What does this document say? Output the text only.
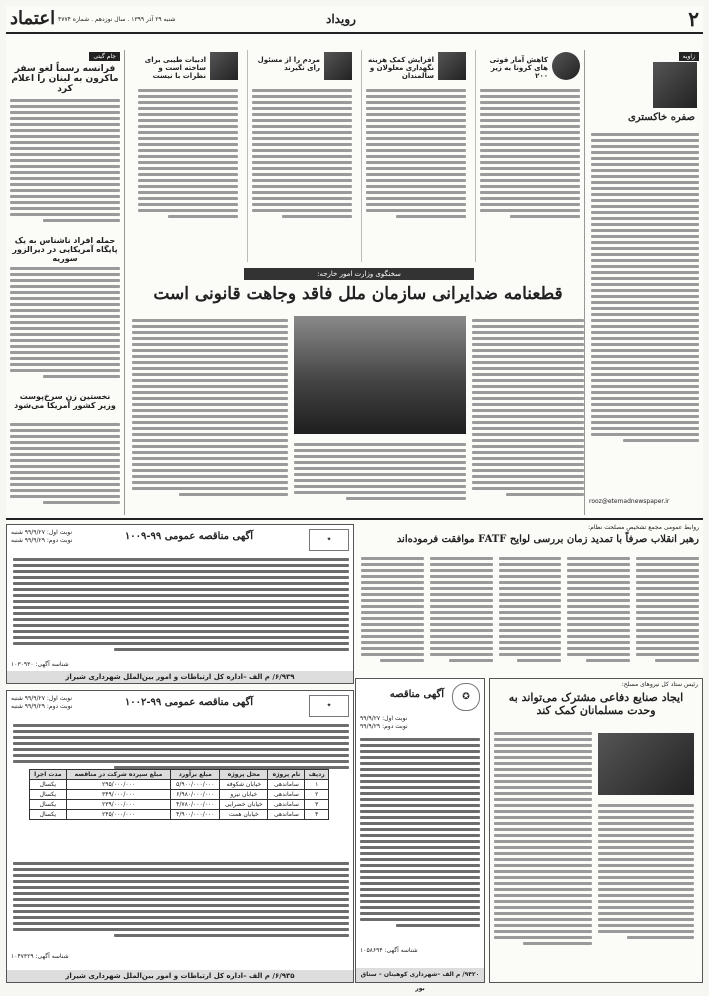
اعتماد شنبه ۲۹ آذر ۱۳۹۹ . سال نوزدهم . شماره ۴۷۷۴	رویداد	۲
زاویه
صفره خاکستری
rooz@etemadnewspaper.ir
کاهش آمار فوتی های کرونا به زیر ۲۰۰
افزایش کمک هزینه نگهداری معلولان و سالمندان
مردم را از مسئول رای نگیرند
ادبیات طیبی برای ساخته است و نظرات با نیست
جام گیتی
فرانسه رسماً لغو سفر ماکرون به لبنان را اعلام کرد
حمله افراد ناشناس به یک پایگاه آمریکایی در دیرالزور سوریه
نخستین زن سرخ‌پوست وزیر کشور آمریکا می‌شود
سخنگوی وزارت امور خارجه:
قطعنامه ضدایرانی سازمان ملل فاقد وجاهت قانونی است
روابط عمومی مجمع تشخیص مصلحت نظام:
رهبر انقلاب صرفاً با تمدید زمان بررسی لوایح FATF موافقت فرموده‌اند
✦
آگهی مناقصه عمومی ۹۹-۱۰۰۹
نوبت اول: ۹۹/۹/۲۷ شنبه
نوبت دوم: ۹۹/۹/۲۹ شنبه
شناسه آگهی: ۱۰۳۰۹۳۰
۶/۹۳۹/ م الف –اداره کل ارتباطات و امور بین‌الملل شهرداری شیراز
رئیس ستاد کل نیروهای مسلح:
ایجاد صنایع دفاعی مشترک می‌تواند به وحدت مسلمانان کمک کند
✪
آگهی مناقصه
نوبت اول: ۹۹/۹/۲۷
نوبت دوم: ۹۹/۹/۲۹
شناسه آگهی: ۱۰۵۸۶۹۴
۹۴۲۰/ م الف –شهرداری کوهبنان – سناق بور
✦
آگهی مناقصه عمومی ۹۹-۱۰۰۲
نوبت اول: ۹۹/۹/۲۷ شنبه
نوبت دوم: ۹۹/۹/۲۹ شنبه
ردیف	نام پروژه	محل پروژه	مبلغ برآورد	مبلغ سپرده شرکت در مناقصه	مدت اجرا
۱	ساماندهی	خیابان شکوفه	۵/۹۰۰/۰۰۰/۰۰۰	۲۹۵/۰۰۰/۰۰۰	یکسال
۲	ساماندهی	خیابان نیرو	۶/۹۸۰/۰۰۰/۰۰۰	۳۴۹/۰۰۰/۰۰۰	یکسال
۳	ساماندهی	خیابان خضرایی	۴/۷۸۰/۰۰۰/۰۰۰	۲۳۹/۰۰۰/۰۰۰	یکسال
۴	ساماندهی	خیابان همت	۴/۹۰۰/۰۰۰/۰۰۰	۲۴۵/۰۰۰/۰۰۰	یکسال
شناسه آگهی: ۱۰۴۷۳۲۹
۶/۹۳۵/ م الف –اداره کل ارتباطات و امور بین‌الملل شهرداری شیراز
